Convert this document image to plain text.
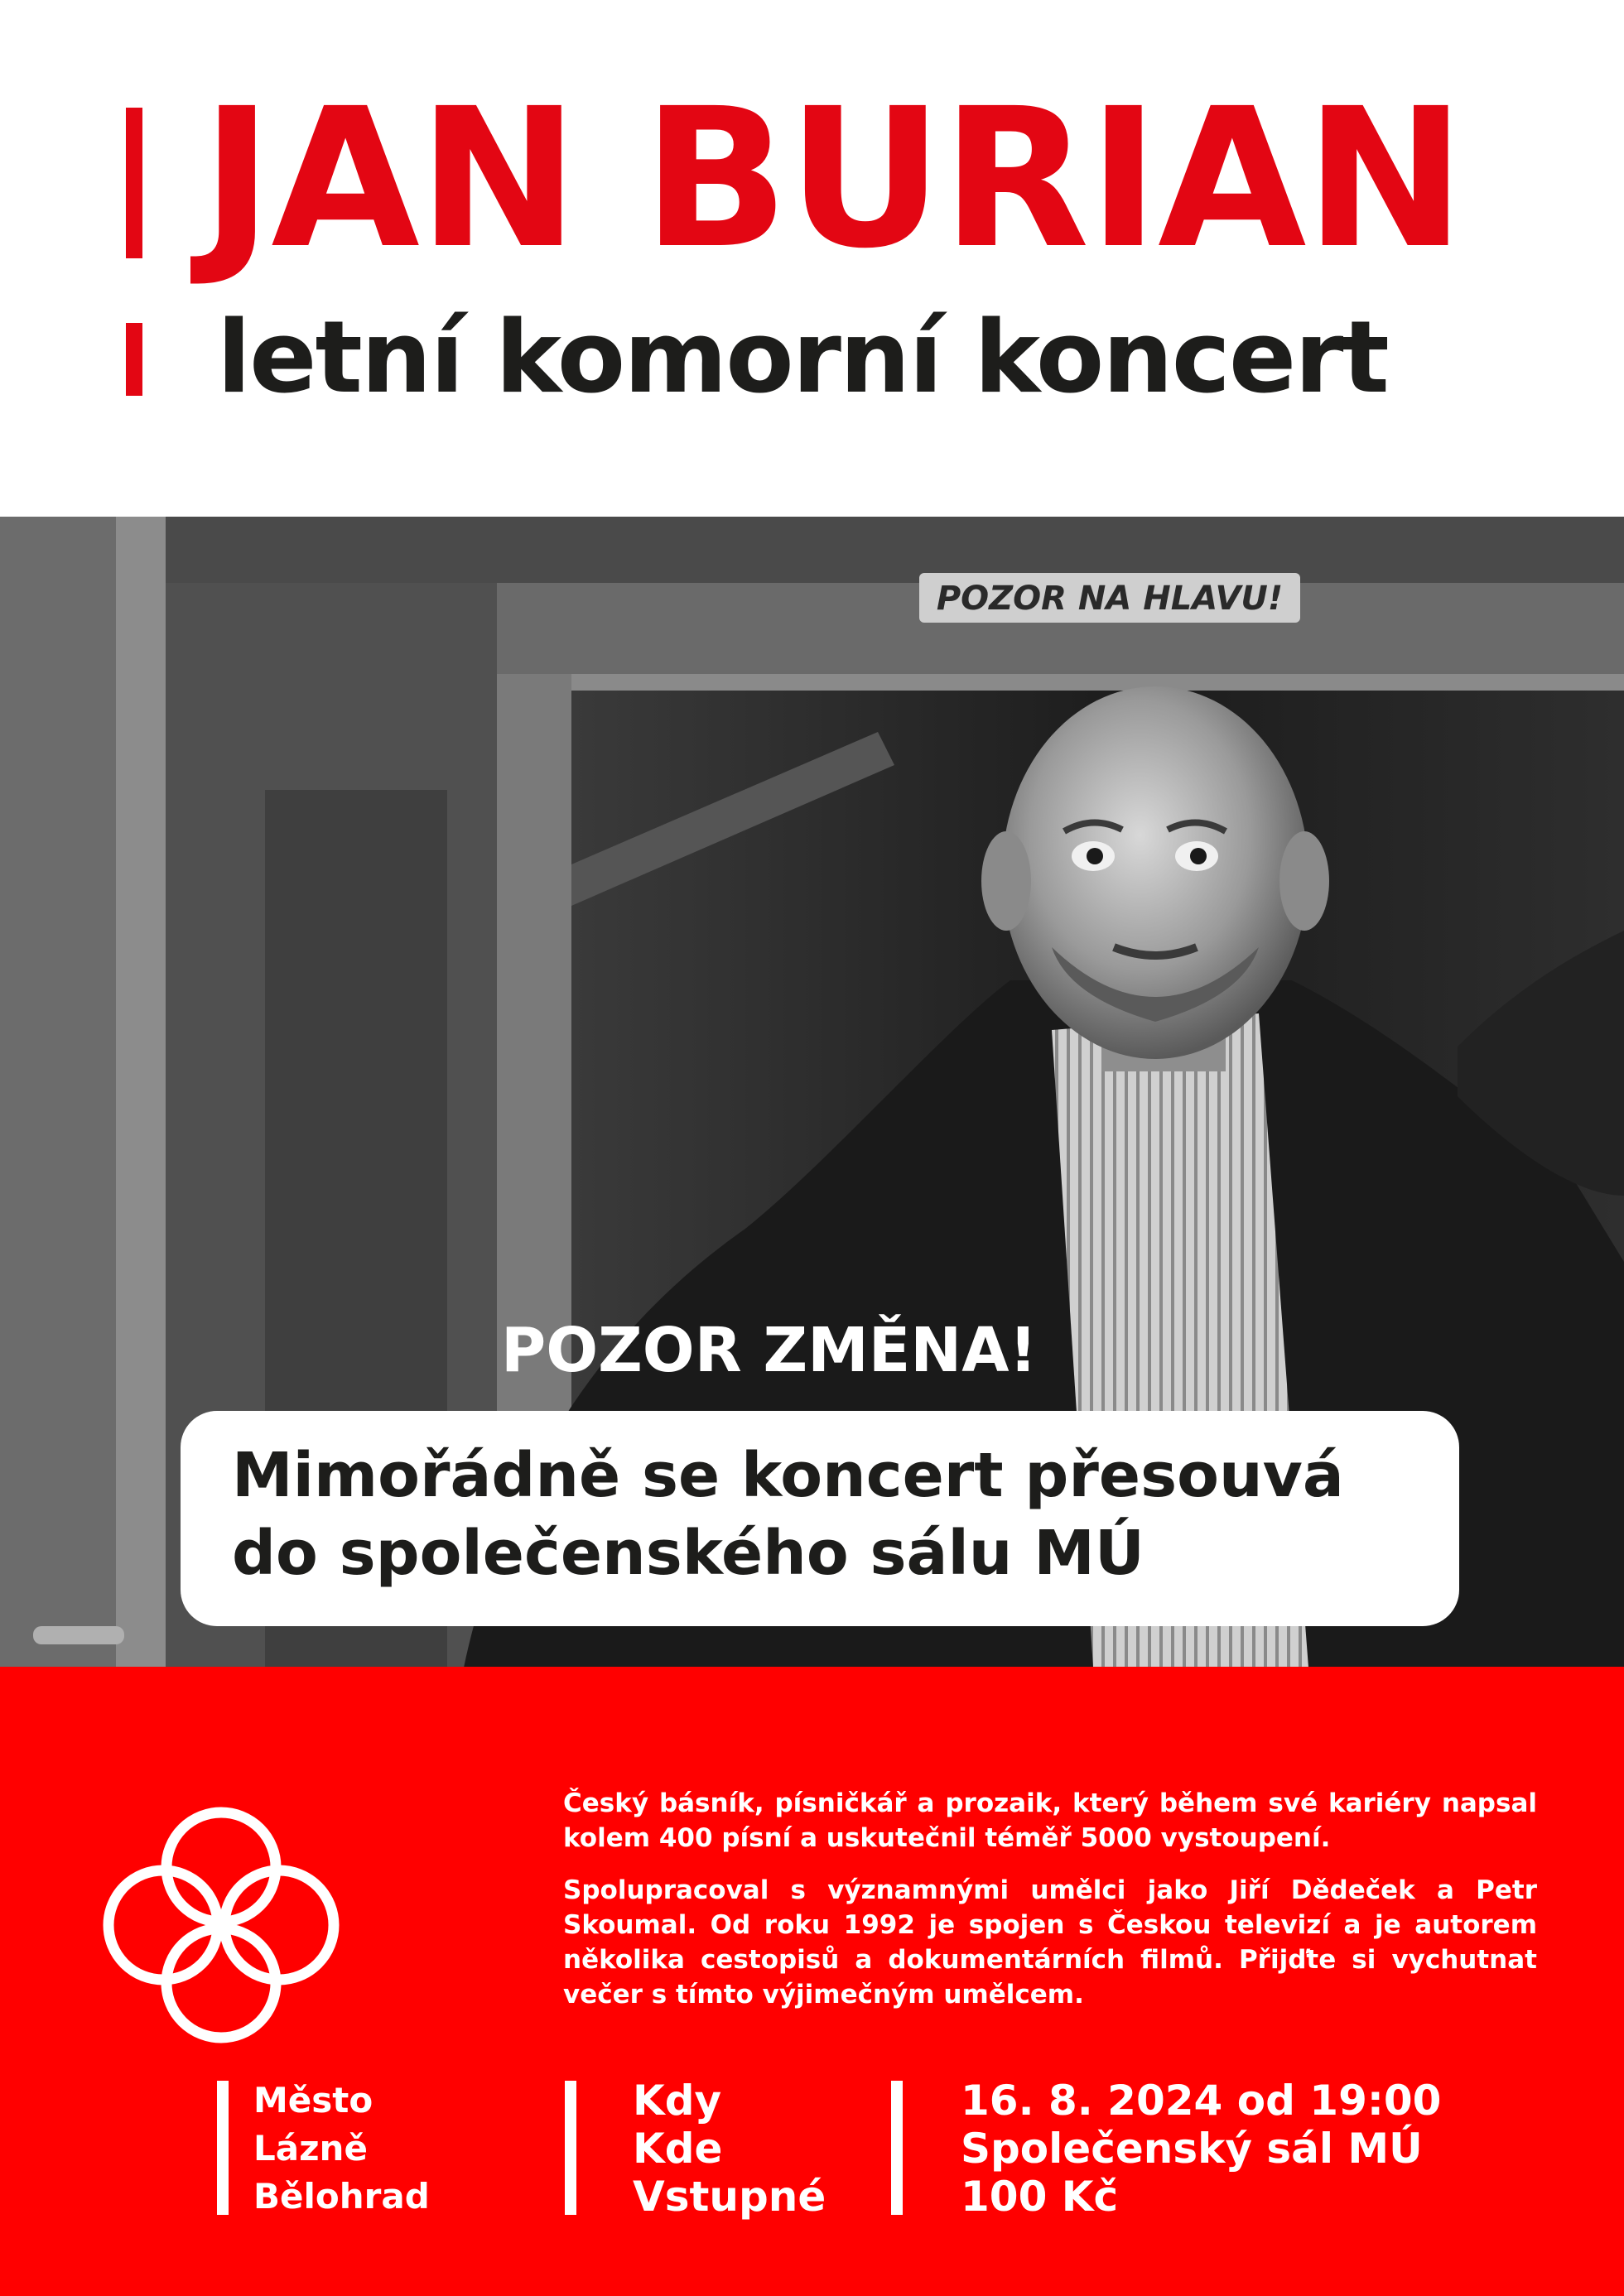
JAN BURIAN
letní komorní koncert
POZOR NA HLAVU!

POZOR ZMĚNA!

Mimořádně se koncert přesouvá
do společenského sálu MÚ

Český básník, písničkář a prozaik, který během své kariéry napsal kolem 400 písní a uskutečnil téměř 5000 vystoupení.

Spolupracoval s významnými umělci jako Jiří Dědeček a Petr Skoumal. Od roku 1992 je spojen s Českou televizí a je autorem několika cestopisů a dokumentárních filmů. Přijďte si vychutnat večer s tímto výjimečným umělcem.

Město
Lázně
Bělohrad
Kdy
Kde
Vstupné
16. 8. 2024 od 19:00
Společenský sál MÚ
100 Kč
